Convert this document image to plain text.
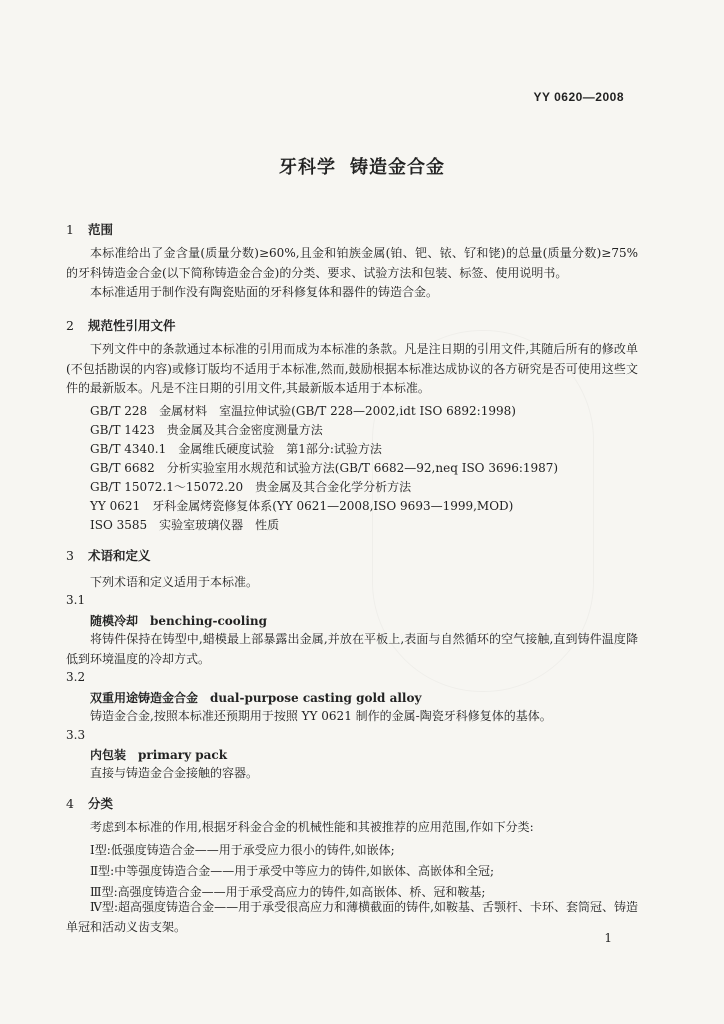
YY 0620—2008
牙科学 铸造金合金
1 范围
本标准给出了金含量(质量分数)≥60%,且金和铂族金属(铂、钯、铱、钌和铑)的总量(质量分数)≥75%的牙科铸造金合金(以下简称铸造金合金)的分类、要求、试验方法和包装、标签、使用说明书。
本标准适用于制作没有陶瓷贴面的牙科修复体和器件的铸造合金。
2 规范性引用文件
下列文件中的条款通过本标准的引用而成为本标准的条款。凡是注日期的引用文件,其随后所有的修改单(不包括勘误的内容)或修订版均不适用于本标准,然而,鼓励根据本标准达成协议的各方研究是否可使用这些文件的最新版本。凡是不注日期的引用文件,其最新版本适用于本标准。
GB/T 228　金属材料　室温拉伸试验(GB/T 228—2002,idt ISO 6892:1998)
GB/T 1423　贵金属及其合金密度测量方法
GB/T 4340.1　金属维氏硬度试验　第1部分:试验方法
GB/T 6682　分析实验室用水规范和试验方法(GB/T 6682—92,neq ISO 3696:1987)
GB/T 15072.1～15072.20　贵金属及其合金化学分析方法
YY 0621　牙科金属烤瓷修复体系(YY 0621—2008,ISO 9693—1999,MOD)
ISO 3585　实验室玻璃仪器　性质
3 术语和定义
下列术语和定义适用于本标准。
3.1
随模冷却 benching-cooling
将铸件保持在铸型中,蜡模最上部暴露出金属,并放在平板上,表面与自然循环的空气接触,直到铸件温度降低到环境温度的冷却方式。
3.2
双重用途铸造金合金 dual-purpose casting gold alloy
铸造金合金,按照本标准还预期用于按照 YY 0621 制作的金属-陶瓷牙科修复体的基体。
3.3
内包装 primary pack
直接与铸造金合金接触的容器。
4 分类
考虑到本标准的作用,根据牙科金合金的机械性能和其被推荐的应用范围,作如下分类:
Ⅰ型:低强度铸造合金——用于承受应力很小的铸件,如嵌体;
Ⅱ型:中等强度铸造合金——用于承受中等应力的铸件,如嵌体、高嵌体和全冠;
Ⅲ型:高强度铸造合金——用于承受高应力的铸件,如高嵌体、桥、冠和鞍基;
Ⅳ型:超高强度铸造合金——用于承受很高应力和薄横截面的铸件,如鞍基、舌颚杆、卡环、套筒冠、铸造单冠和活动义齿支架。
1
